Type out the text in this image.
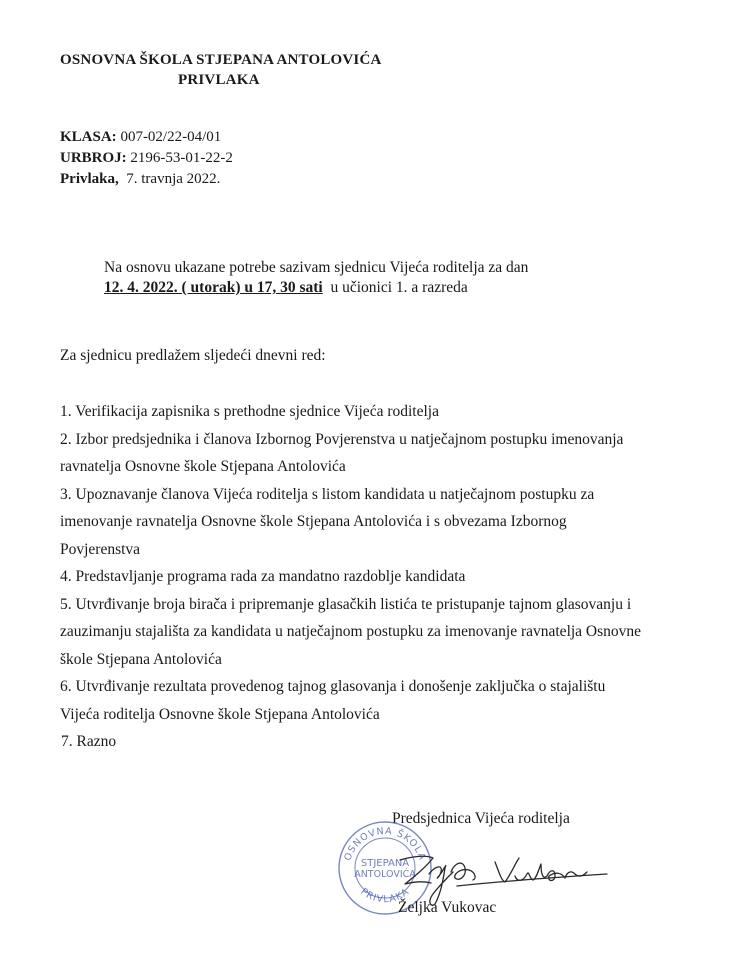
OSNOVNA ŠKOLA STJEPANA ANTOLOVIĆA
PRIVLAKA
KLASA: 007-02/22-04/01
URBROJ: 2196-53-01-22-2
Privlaka, 7. travnja 2022.
Na osnovu ukazane potrebe sazivam sjednicu Vijeća roditelja za dan
12. 4. 2022. ( utorak) u 17, 30 sati u učionici 1. a razreda
Za sjednicu predlažem sljedeći dnevni red:
1. Verifikacija zapisnika s prethodne sjednice Vijeća roditelja
2. Izbor predsjednika i članova Izbornog Povjerenstva u natječajnom postupku imenovanja
ravnatelja Osnovne škole Stjepana Antolovića
3. Upoznavanje članova Vijeća roditelja s listom kandidata u natječajnom postupku za
imenovanje ravnatelja Osnovne škole Stjepana Antolovića i s obvezama Izbornog
Povjerenstva
4. Predstavljanje programa rada za mandatno razdoblje kandidata
5. Utvrđivanje broja birača i pripremanje glasačkih listića te pristupanje tajnom glasovanju i
zauzimanju stajališta za kandidata u natječajnom postupku za imenovanje ravnatelja Osnovne
škole Stjepana Antolovića
6. Utvrđivanje rezultata provedenog tajnog glasovanja i donošenje zaključka o stajalištu
Vijeća roditelja Osnovne škole Stjepana Antolovića
7. Razno
Predsjednica Vijeća roditelja
OSNOVNA ŠKOLA
PRIVLAKA
STJEPANA
ANTOLOVIĆA
Željka Vukovac
